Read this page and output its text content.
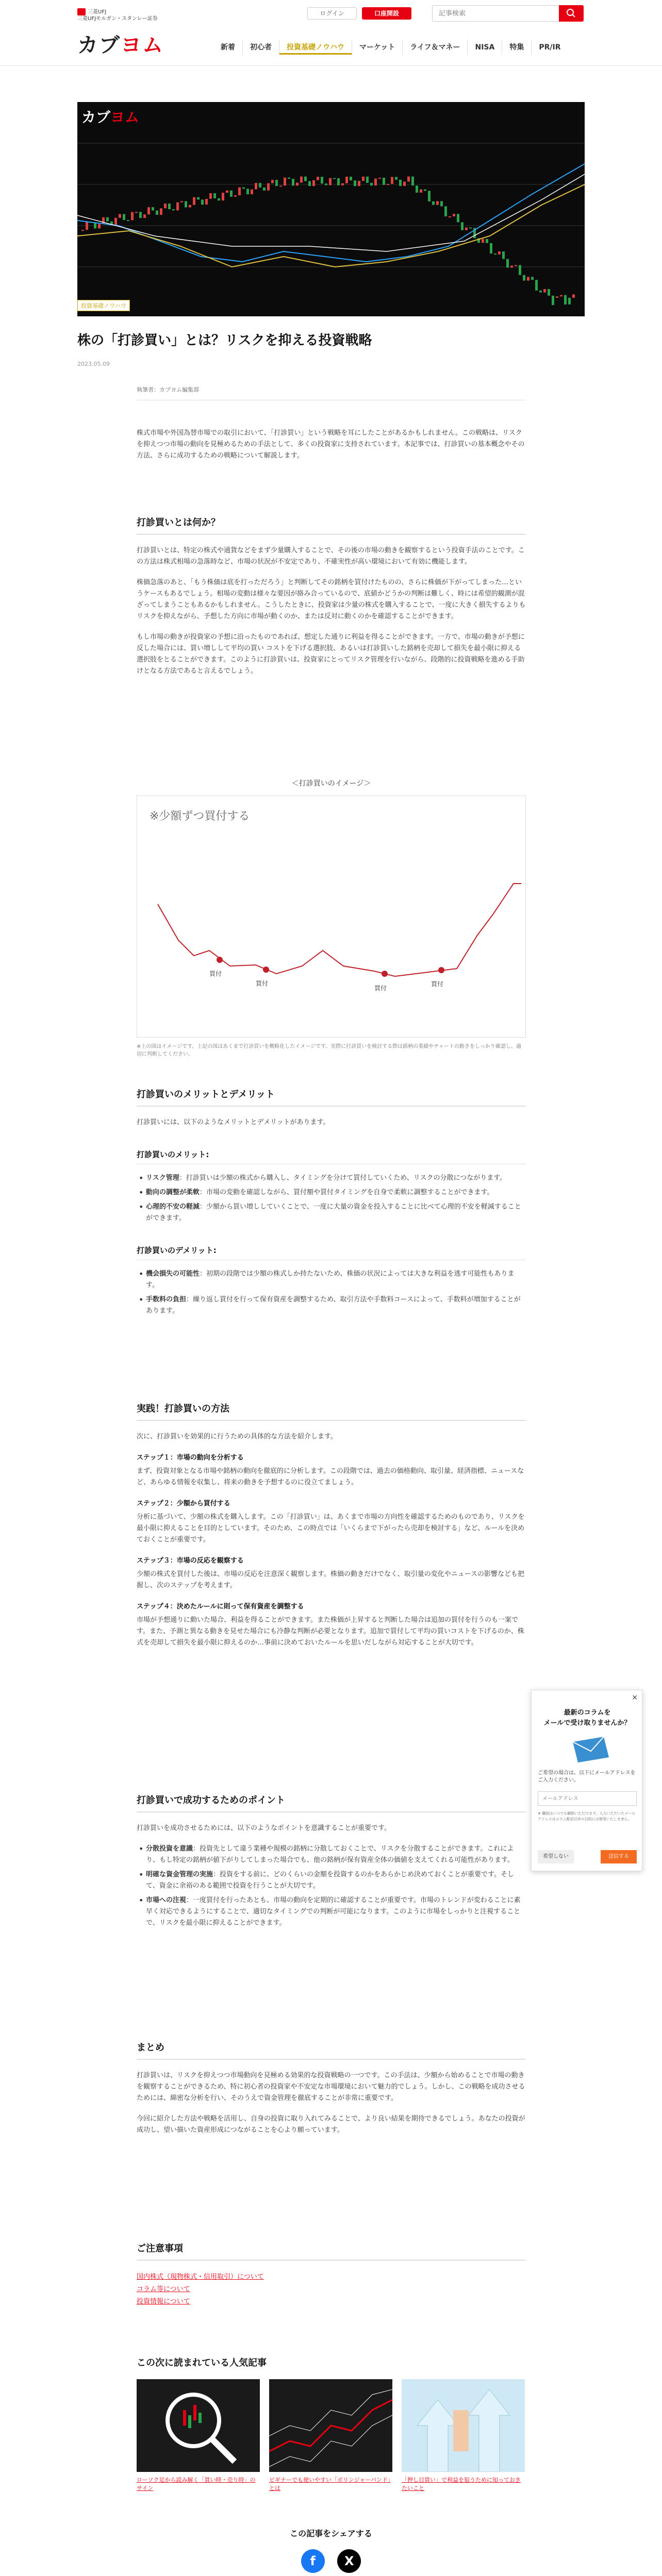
三菱UFJ
三菱UFJモルガン・スタンレー証券
カブヨム
ログイン	口座開設
記事検索
新着	初心者	投資基礎ノウハウ	マーケット	ライフ＆マネー	NISA	特集	PR/IR
カブヨム
投資基礎ノウハウ
株の「打診買い」とは？リスクを抑える投資戦略
2023.05.09
執筆者：カブヨム編集部

株式市場や外国為替市場での取引において、「打診買い」という戦略を耳にしたことがあるかもしれません。この戦略は、リスクを抑えつつ市場の動向を見極めるための手法として、多くの投資家に支持されています。本記事では、打診買いの基本概念やその方法、さらに成功するための戦略について解説します。

打診買いとは何か？

打診買いとは、特定の株式や通貨などをまず少量購入することで、その後の市場の動きを観察するという投資手法のことです。この方法は株式相場の急落時など、市場の状況が不安定であり、不確実性が高い環境において有効に機能します。

株価急落のあと、「もう株価は底を打っただろう」と判断してその銘柄を買付けたものの、さらに株価が下がってしまった…というケースもあるでしょう。相場の変動は様々な要因が絡み合っているので、底値かどうかの判断は難しく、時には希望的観測が混ざってしまうこともあるかもしれません。こうしたときに、投資家は少量の株式を購入することで、一度に大きく損失するよりもリスクを抑えながら、予想した方向に市場が動くのか、または反対に動くのかを確認することができます。

もし市場の動きが投資家の予想に沿ったものであれば、想定した通りに利益を得ることができます。一方で、市場の動きが予想に反した場合には、買い増しして平均の買い コストを下げる選択肢、あるいは打診買いした銘柄を売却して損失を最小限に抑える選択肢をとることができます。このように打診買いは、投資家にとってリスク管理を行いながら、段階的に投資戦略を進める手助けとなる方法であると言えるでしょう。

＜打診買いのイメージ＞
※少額ずつ買付する
買付
買付
買付
買付

※上の図はイメージです。上記の図はあくまで打診買いを概略化したイメージです。実際に打診買いを検討する際は銘柄の業績やチャートの動きをしっかり確認し、適切に判断してください。

打診買いのメリットとデメリット

打診買いには、以下のようなメリットとデメリットがあります。

打診買いのメリット:
• リスク管理：打診買いは少額の株式から購入し、タイミングを分けて買付していくため、リスクの分散につながります。
• 動向の調整が柔軟：市場の変動を確認しながら、買付額や買付タイミングを自身で柔軟に調整することができます。
• 心理的不安の軽減：少額から買い増ししていくことで、一度に大量の資金を投入することに比べて心理的不安を軽減することができます。
打診買いのデメリット:
• 機会損失の可能性：初期の段階では少額の株式しか持たないため、株価の状況によっては大きな利益を逃す可能性もあります。
• 手数料の負担：繰り返し買付を行って保有資産を調整するため、取引方法や手数料コースによって、手数料が増加することがあります。
実践！打診買いの方法

次に、打診買いを効果的に行うための具体的な方法を紹介します。

ステップ１：市場の動向を分析する

まず、投資対象となる市場や銘柄の動向を徹底的に分析します。この段階では、過去の価格動向、取引量、経済指標、ニュースなど、あらゆる情報を収集し、将来の動きを予想するのに役立てましょう。

ステップ２：少額から買付する

分析に基づいて、少額の株式を購入します。この「打診買い」は、あくまで市場の方向性を確認するためのものであり、リスクを最小限に抑えることを目的としています。そのため、この時点では「いくらまで下がったら売却を検討する」など、ルールを決めておくことが重要です。

ステップ３：市場の反応を観察する

少額の株式を買付した後は、市場の反応を注意深く観察します。株価の動きだけでなく、取引量の変化やニュースの影響なども把握し、次のステップを考えます。

ステップ４：決めたルールに則って保有資産を調整する

市場が予想通りに動いた場合、利益を得ることができます。また株価が上昇すると判断した場合は追加の買付を行うのも一案です。また、予測と異なる動きを見せた場合にも冷静な判断が必要となります。追加で買付して平均の買いコストを下げるのか、株式を売却して損失を最小限に抑えるのか…事前に決めておいたルールを思いだしながら対応することが大切です。

打診買いで成功するためのポイント

打診買いを成功させるためには、以下のようなポイントを意識することが重要です。

• 分散投資を意識：投資先として違う業種や規模の銘柄に分散しておくことで、リスクを分散することができます。これにより、もし特定の銘柄が値下がりしてしまった場合でも、他の銘柄が保有資産全体の価値を支えてくれる可能性があります。
• 明確な資金管理の実施：投資をする前に、どのくらいの金額を投資するのかをあらかじめ決めておくことが重要です。そして、資金に余裕のある範囲で投資を行うことが大切です。
• 市場への注視：一度買付を行ったあとも、市場の動向を定期的に確認することが重要です。市場のトレンドが変わることに素早く対応できるようにすることで、適切なタイミングでの判断が可能になります。このように市場をしっかりと注視することで、リスクを最小限に抑えることができます。
まとめ

打診買いは、リスクを抑えつつ市場動向を見極める効果的な投資戦略の一つです。この手法は、少額から始めることで市場の動きを観察することができるため、特に初心者の投資家や不安定な市場環境において魅力的でしょう。しかし、この戦略を成功させるためには、綿密な分析を行い、そのうえで資金管理を徹底することが非常に重要です。

今回に紹介した方法や戦略を活用し、自身の投資に取り入れてみることで、より良い結果を期待できるでしょう。あなたの投資が成功し、望い描いた資産形成につながることを心より願っています。

ご注意事項
国内株式（現物株式・信用取引）について
コラム等について
投資情報について
この次に読まれている人気記事
ローソク足から読み解く「買い時・売り時」のサイン
ビギナーでも使いやすい「ボリンジャーバンド」とは
「押し目買い」で利益を狙うために知っておきたいこと
この記事をシェアする
f X
×
最新のコラムを
メールで受け取りませんか？
ご希望の場合は、以下にメールアドレスをご入力ください。
メールアドレス
※ 購読はいつでも解除いただけます。入力いただいたメールアドレスはコラム配信以外の目的には使用いたしません。
希望しない	送信する
